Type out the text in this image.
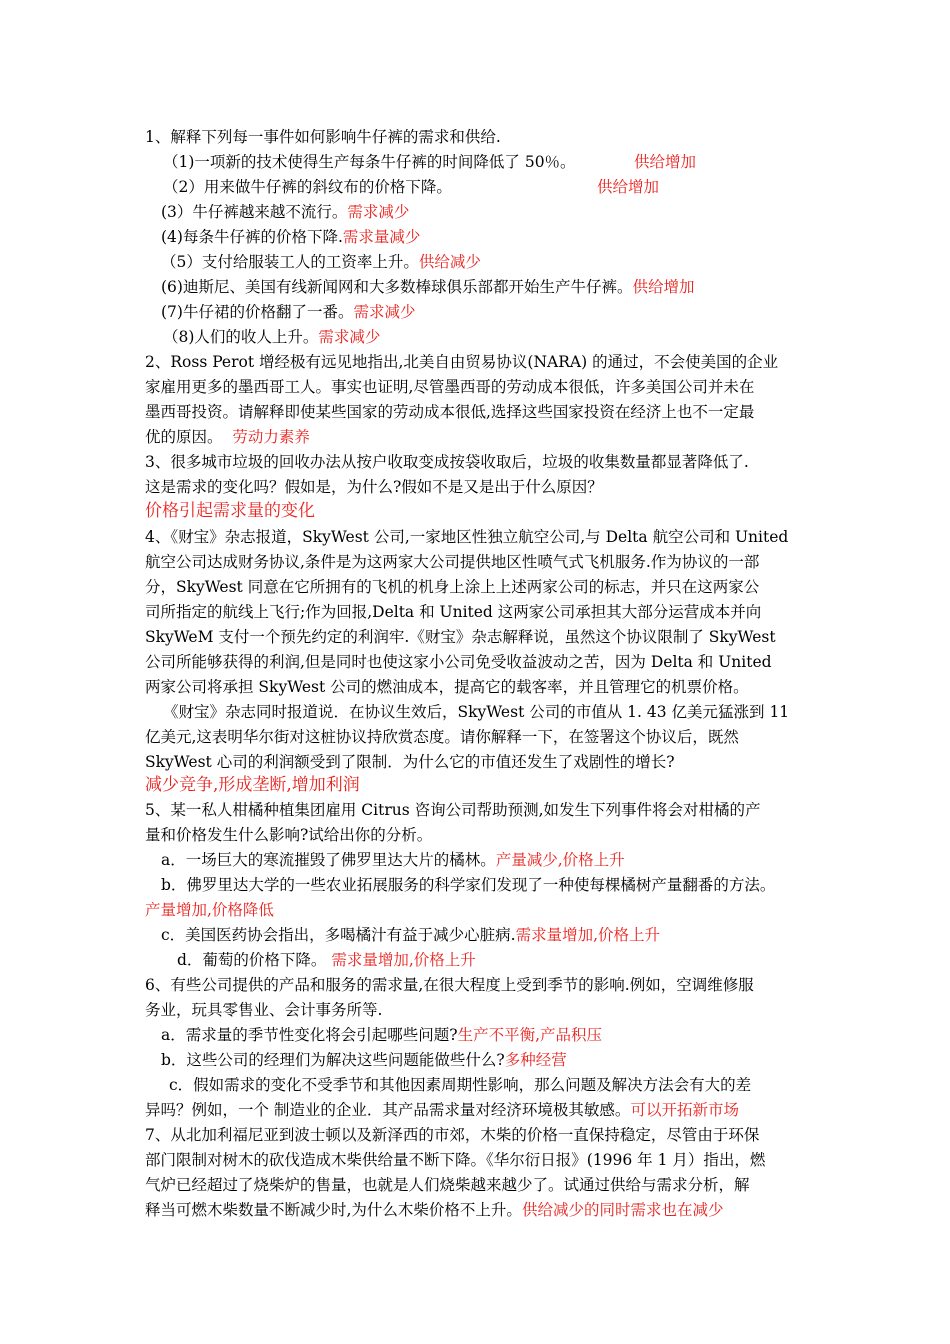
1、解释下列每一事件如何影响牛仔裤的需求和供给.
（1)一项新的技术使得生产每条牛仔裤的时间降低了 50％。	供给增加
（2）用来做牛仔裤的斜纹布的价格下降。	供给增加
(3）牛仔裤越来越不流行。需求减少
(4)每条牛仔裤的价格下降.需求量减少
（5）支付给服装工人的工资率上升。供给减少
(6)迪斯尼、美国有线新闻网和大多数棒球俱乐部都开始生产牛仔裤。供给增加
(7)牛仔裙的价格翻了一番。需求减少
（8)人们的收人上升。需求减少
2、Ross Perot 增经极有远见地指出,北美自由贸易协议(NARA) 的通过，不会使美国的企业
家雇用更多的墨西哥工人。事实也证明,尽管墨西哥的劳动成本很低，许多美国公司并未在
墨西哥投资。请解释即使某些国家的劳动成本很低,选择这些国家投资在经济上也不一定最
优的原因。 劳动力素养
3、很多城市垃圾的回收办法从按户收取变成按袋收取后，垃圾的收集数量都显著降低了.
这是需求的变化吗？假如是，为什么?假如不是又是出于什么原因？
价格引起需求量的变化
4、《财宝》杂志报道，SkyWest 公司,一家地区性独立航空公司,与 Delta 航空公司和 United
航空公司达成财务协议,条件是为这两家大公司提供地区性喷气式飞机服务.作为协议的一部
分，SkyWest 同意在它所拥有的飞机的机身上涂上上述两家公司的标志，并只在这两家公
司所指定的航线上飞行;作为回报,Delta 和 United 这两家公司承担其大部分运营成本并向
SkyWeM 支付一个预先约定的利润牢.《财宝》杂志解释说，虽然这个协议限制了 SkyWest
公司所能够获得的利润,但是同时也使这家小公司免受收益波动之苦，因为 Delta 和 United
两家公司将承担 SkyWest 公司的燃油成本，提高它的载客率，并且管理它的机票价格。
《财宝》杂志同时报道说．在协议生效后，SkyWest 公司的市值从 1. 43 亿美元猛涨到 11
亿美元,这表明华尔街对这桩协议持欣赏态度。请你解释一下，在签署这个协议后，既然
SkyWest 心司的利润额受到了限制．为什么它的市值还发生了戏剧性的增长?
减少竞争,形成垄断,增加利润
5、某一私人柑橘种植集团雇用 Citrus 咨询公司帮助预测,如发生下列事件将会对柑橘的产
量和价格发生什么影响?试给出你的分析。
a．一场巨大的寒流摧毁了佛罗里达大片的橘林。产量减少,价格上升
b．佛罗里达大学的一些农业拓展服务的科学家们发现了一种使每棵橘树产量翻番的方法。
产量增加,价格降低
c．美国医药协会指出，多喝橘汁有益于减少心脏病.需求量增加,价格上升
d．葡萄的价格下降。 需求量增加,价格上升
6、有些公司提供的产品和服务的需求量,在很大程度上受到季节的影响.例如，空调维修服
务业，玩具零售业、会计事务所等.
a．需求量的季节性变化将会引起哪些问题?生产不平衡,产品积压
b．这些公司的经理们为解决这些问题能做些什么?多种经营
c．假如需求的变化不受季节和其他因素周期性影响，那么问题及解决方法会有大的差
异吗？例如，一个 制造业的企业．其产品需求量对经济环境极其敏感。可以开拓新市场
7、从北加利福尼亚到波士顿以及新泽西的市郊，木柴的价格一直保持稳定，尽管由于环保
部门限制对树木的砍伐造成木柴供给量不断下降。《华尔衍日报》(1996 年 1 月）指出，燃
气炉已经超过了烧柴炉的售量，也就是人们烧柴越来越少了。试通过供给与需求分析，解
释当可燃木柴数量不断减少时,为什么木柴价格不上升。供给减少的同时需求也在减少
